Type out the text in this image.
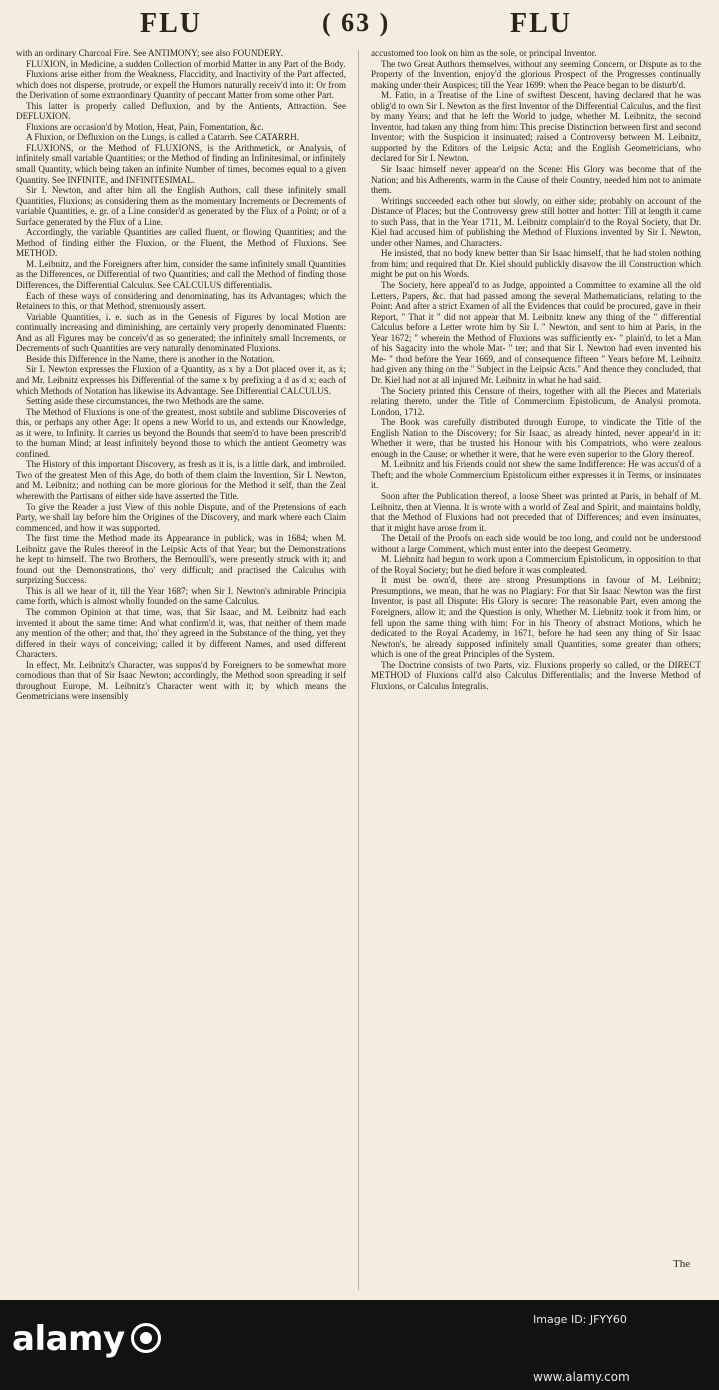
FLU	( 63 )	FLU

with an ordinary Charcoal Fire. See ANTIMONY; see also FOUNDERY.

FLUXION, in Medicine, a sudden Collection of morbid Matter in any Part of the Body.

Fluxions arise either from the Weakness, Flaccidity, and Inactivity of the Part affected, which does not disperse, protrude, or expell the Humors naturally receiv'd into it: Or from the Derivation of some extraordinary Quantity of peccant Matter from some other Part.

This latter is properly called Defluxion, and by the Antients, Attraction. See DEFLUXION.

Fluxions are occasion'd by Motion, Heat, Pain, Fomentation, &c.

A Fluxion, or Defluxion on the Lungs, is called a Catarrh. See CATARRH.

FLUXIONS, or the Method of FLUXIONS, is the Arithmetick, or Analysis, of infinitely small variable Quantities; or the Method of finding an Infinitesimal, or infinitely small Quantity, which being taken an infinite Number of times, becomes equal to a given Quantity. See INFINITE, and INFINITESIMAL.

Sir I. Newton, and after him all the English Authors, call these infinitely small Quantities, Fluxions; as considering them as the momentary Increments or Decrements of variable Quantities, e. gr. of a Line consider'd as generated by the Flux of a Point; or of a Surface generated by the Flux of a Line.

Accordingly, the variable Quantities are called fluent, or flowing Quantities; and the Method of finding either the Fluxion, or the Fluent, the Method of Fluxions. See METHOD.

M. Leibnitz, and the Foreigners after him, consider the same infinitely small Quantities as the Differences, or Differential of two Quantities; and call the Method of finding those Differences, the Differential Calculus. See CALCULUS differentialis.

Each of these ways of considering and denominating, has its Advantages; which the Retainers to this, or that Method, strenuously assert.

Variable Quantities, i. e. such as in the Genesis of Figures by local Motion are continually increasing and diminishing, are certainly very properly denominated Fluents: And as all Figures may be conceiv'd as so generated; the infinitely small Increments, or Decrements of such Quantities are very naturally denominated Fluxions.

Beside this Difference in the Name, there is another in the Notation.

Sir I. Newton expresses the Fluxion of a Quantity, as x by a Dot placed over it, as ẋ; and Mr. Leibnitz expresses his Differential of the same x by prefixing a d as d x; each of which Methods of Notation has likewise its Advantage. See Differential CALCULUS.

Setting aside these circumstances, the two Methods are the same.

The Method of Fluxions is one of the greatest, most subtile and sublime Discoveries of this, or perhaps any other Age: It opens a new World to us, and extends our Knowledge, as it were, to Infinity. It carries us beyond the Bounds that seem'd to have been prescrib'd to the human Mind; at least infinitely beyond those to which the antient Geometry was confined.

The History of this important Discovery, as fresh as it is, is a little dark, and imbroiled. Two of the greatest Men of this Age, do both of them claim the Invention, Sir I. Newton, and M. Leibnitz; and nothing can be more glorious for the Method it self, than the Zeal wherewith the Partisans of either side have asserted the Title.

To give the Reader a just View of this noble Dispute, and of the Pretensions of each Party, we shall lay before him the Origines of the Discovery, and mark where each Claim commenced, and how it was supported.

The first time the Method made its Appearance in publick, was in 1684; when M. Leibnitz gave the Rules thereof in the Leipsic Acts of that Year; but the Demonstrations he kept to himself. The two Brothers, the Bernoulli's, were presently struck with it; and found out the Demonstrations, tho' very difficult; and practised the Calculus with surprizing Success.

This is all we hear of it, till the Year 1687; when Sir I. Newton's admirable Principia came forth, which is almost wholly founded on the same Calculus.

The common Opinion at that time, was, that Sir Isaac, and M. Leibnitz had each invented it about the same time: And what confirm'd it, was, that neither of them made any mention of the other; and that, tho' they agreed in the Substance of the thing, yet they differed in their ways of conceiving; called it by different Names, and used different Characters.

In effect, Mr. Leibnitz's Character, was suppos'd by Foreigners to be somewhat more comodious than that of Sir Isaac Newton; accordingly, the Method soon spreading it self throughout Europe, M. Leibnitz's Character went with it; by which means the Geometricians were insensibly

accustomed too look on him as the sole, or principal Inventor.

The two Great Authors themselves, without any seeming Concern, or Dispute as to the Property of the Invention, enjoy'd the glorious Prospect of the Progresses continually making under their Auspices; till the Year 1699: when the Peace began to be disturb'd.

M. Fatio, in a Treatise of the Line of swiftest Descent, having declared that he was oblig'd to own Sir I. Newton as the first Inventor of the Differential Calculus, and the first by many Years; and that he left the World to judge, whether M. Leibnitz, the second Inventor, had taken any thing from him: This precise Distinction between first and second Inventor; with the Suspicion it insinuated; raised a Controversy between M. Leibnitz, supported by the Editors of the Leipsic Acta; and the English Geometricians, who declared for Sir I. Newton.

Sir Isaac himself never appear'd on the Scene: His Glory was become that of the Nation; and his Adherents, warm in the Cause of their Country, needed him not to animate them.

Writings succeeded each other but slowly, on either side; probably on account of the Distance of Places; but the Controversy grew still hotter and hotter: Till at length it came to such Pass, that in the Year 1711, M. Leibnitz complain'd to the Royal Society, that Dr. Kiel had accused him of publishing the Method of Fluxions invented by Sir I. Newton, under other Names, and Characters.

He insisted, that no body knew better than Sir Isaac himself, that he had stolen nothing from him; and required that Dr. Kiel should publickly disavow the ill Construction which might be put on his Words.

The Society, here appeal'd to as Judge, appointed a Committee to examine all the old Letters, Papers, &c. that had passed among the several Mathematicians, relating to the Point: And after a strict Examen of all the Evidences that could be procured, gave in their Report, " That it " did not appear that M. Leibnitz knew any thing of the " differential Calculus before a Letter wrote him by Sir I. " Newton, and sent to him at Paris, in the Year 1672; " wherein the Method of Fluxions was sufficiently ex- " plain'd, to let a Man of his Sagacity into the whole Mat- " ter; and that Sir I. Newton had even invented his Me- " thod before the Year 1669, and of consequence fifteen " Years before M. Leibnitz had given any thing on the " Subject in the Leipsic Acts." And thence they concluded, that Dr. Kiel had not at all injured Mr. Leibnitz in what he had said.

The Society printed this Censure of theirs, together with all the Pieces and Materials relating thereto, under the Title of Commercium Epistolicum, de Analysi promota. London, 1712.

The Book was carefully distributed through Europe, to vindicate the Title of the English Nation to the Discovery; for Sir Isaac, as already hinted, never appear'd in it: Whether it were, that he trusted his Honour with his Compatriots, who were zealous enough in the Cause; or whether it were, that he were even superior to the Glory thereof.

M. Leibnitz and his Friends could not shew the same Indifference: He was accus'd of a Theft; and the whole Commercium Epistolicum either expresses it in Terms, or insinuates it.

Soon after the Publication thereof, a loose Sheet was printed at Paris, in behalf of M. Leibnitz, then at Vienna. It is wrote with a world of Zeal and Spirit, and maintains boldly, that the Method of Fluxions had not preceded that of Differences; and even insinuates, that it might have arose from it.

The Detail of the Proofs on each side would be too long, and could not be understood without a large Comment, which must enter into the deepest Geometry.

M. Liebnitz had begun to work upon a Commercium Epistolicum, in opposition to that of the Royal Society; but he died before it was compleated.

It must be own'd, there are strong Presumptions in favour of M. Leibnitz; Presumptions, we mean, that he was no Plagiary: For that Sir Isaac Newton was the first Inventor, is past all Dispute: His Glory is secure: The reasonable Part, even among the Foreigners, allow it; and the Question is only, Whether M. Liebnitz took it from him, or fell upon the same thing with him: For in his Theory of abstract Motions, which he dedicated to the Royal Academy, in 1671, before he had seen any thing of Sir Isaac Newton's, he already supposed infinitely small Quantities, some greater than others; which is one of the great Principles of the System.

The Doctrine consists of two Parts, viz. Fluxions properly so called, or the DIRECT METHOD of Fluxions call'd also Calculus Differentialis; and the Inverse Method of Fluxions, or Calculus Integralis.

The
alamy	Image ID: JFYY60
www.alamy.com
